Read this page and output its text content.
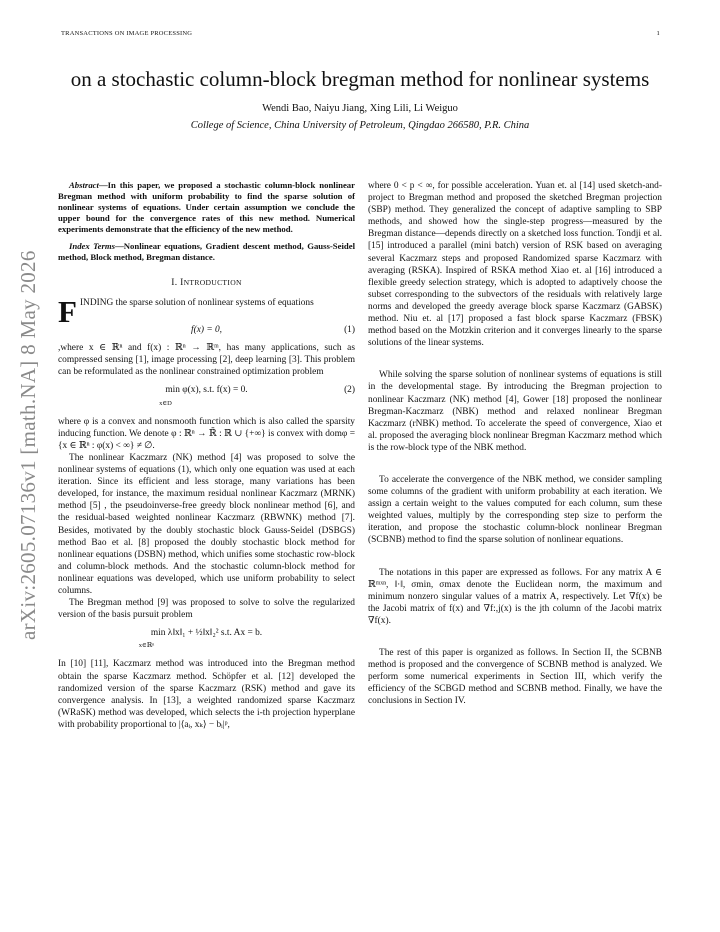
TRANSACTIONS ON IMAGE PROCESSING	1
on a stochastic column-block bregman method for nonlinear systems
Wendi Bao, Naiyu Jiang, Xing Lili, Li Weiguo
College of Science, China University of Petroleum, Qingdao 266580, P.R. China
arXiv:2605.07136v1 [math.NA] 8 May 2026

Abstract—In this paper, we proposed a stochastic column-block nonlinear Bregman method with uniform probability to find the sparse solution of nonlinear systems of equations. Under certain assumption we conclude the upper bound for the convergence rates of this new method. Numerical experiments demonstrate that the efficiency of the new method.

Index Terms—Nonlinear equations, Gradient descent method, Gauss-Seidel method, Block method, Bregman distance.

I. INTRODUCTION

FINDING the sparse solution of nonlinear systems of equations

f(x) = 0,	(1)

,where x ∈ ℝⁿ and f(x) : ℝⁿ → ℝᵐ, has many applications, such as compressed sensing [1], image processing [2], deep learning [3]. This problem can be reformulated as the nonlinear constrained optimization problem

min φ(x), s.t. f(x) = 0.
x∈D
(2)

where φ is a convex and nonsmooth function which is also called the sparsity inducing function. We denote φ : ℝⁿ → ℝ̄ : ℝ ∪ {+∞} is convex with domφ = {x ∈ ℝⁿ : φ(x) < ∞} ≠ ∅.

The nonlinear Kaczmarz (NK) method [4] was proposed to solve the nonlinear systems of equations (1), which only one equation was used at each iteration. Since its efficient and less storage, many variations has been developed, for instance, the maximum residual nonlinear Kaczmarz (MRNK) method [5] , the pseudoinverse-free greedy block nonlinear method [6], and the residual-based weighted nonlinear Kaczmarz (RBWNK) method [7]. Besides, motivated by the doubly stochastic block Gauss-Seidel (DSBGS) method Bao et al. [8] proposed the doubly stochastic block method for nonlinear equations (DSBN) method, which unifies some stochastic row-block and column-block methods. And the stochastic column-block method for nonlinear equations was developed, which use uniform probability to select columns.

The Bregman method [9] was proposed to solve to solve the regularized version of the basis pursuit problem

min λ‖x‖₁ + ½‖x‖₂² s.t. Ax = b.
x∈ℝⁿ

In [10] [11], Kaczmarz method was introduced into the Bregman method obtain the sparse Kaczmarz method. Schöpfer et al. [12] developed the randomized version of the sparse Kaczmarz (RSK) method and gave its convergence analysis. In [13], a weighted randomized sparse Kaczmarz (WRaSK) method was developed, which selects the i-th projection hyperplane with probability proportional to |⟨aᵢ, xₖ⟩ − bᵢ|ᵖ,

where 0 < p < ∞, for possible acceleration. Yuan et. al [14] used sketch-and-project to Bregman method and proposed the sketched Bregman projection (SBP) method. They generalized the concept of adaptive sampling to SBP methods, and showed how the single-step progress—measured by the Bregman distance—depends directly on a sketched loss function. Tondji et al. [15] introduced a parallel (mini batch) version of RSK based on averaging several Kaczmarz steps and proposed Randomized sparse Kaczmarz with averaging (RSKA). Inspired of RSKA method Xiao et. al [16] introduced a flexible greedy selection strategy, which is adopted to adaptively choose the subset corresponding to the subvectors of the residuals with relatively large norms and developed the greedy average block sparse Kaczmarz (GABSK) method. Niu et. al [17] proposed a fast block sparse Kaczmarz (FBSK) method based on the Motzkin criterion and it converges linearly to the sparse solutions of the linear systems.

While solving the sparse solution of nonlinear systems of equations is still in the developmental stage. By introducing the Bregman projection to nonlinear Kaczmarz (NK) method [4], Gower [18] proposed the nonlinear Bregman-Kaczmarz (NBK) method and relaxed nonlinear Bregman Kaczmarz (rNBK) method. To accelerate the speed of convergence, Xiao et al. proposed the averaging block nonlinear Bregman Kaczmarz method which is the row-block type of the NBK method.

To accelerate the convergence of the NBK method, we consider sampling some columns of the gradient with uniform probability at each iteration. We assign a certain weight to the values computed for each column, sum these weighted values, multiply by the corresponding step size to perform the iteration, and propose the stochastic column-block nonlinear Bregman (SCBNB) method to find the sparse solution of nonlinear equations.

The notations in this paper are expressed as follows. For any matrix A ∈ ℝᵐˣⁿ, ‖·‖, σmin, σmax denote the Euclidean norm, the maximum and minimum nonzero singular values of a matrix A, respectively. Let ∇f(x) be the Jacobi matrix of f(x) and ∇f:,j(x) is the jth column of the Jacobi matrix ∇f(x).

The rest of this paper is organized as follows. In Section II, the SCBNB method is proposed and the convergence of SCBNB method is analyzed. We perform some numerical experiments in Section III, which verify the efficiency of the SCBGD method and SCBNB method. Finally, we have the conclusions in Section IV.
